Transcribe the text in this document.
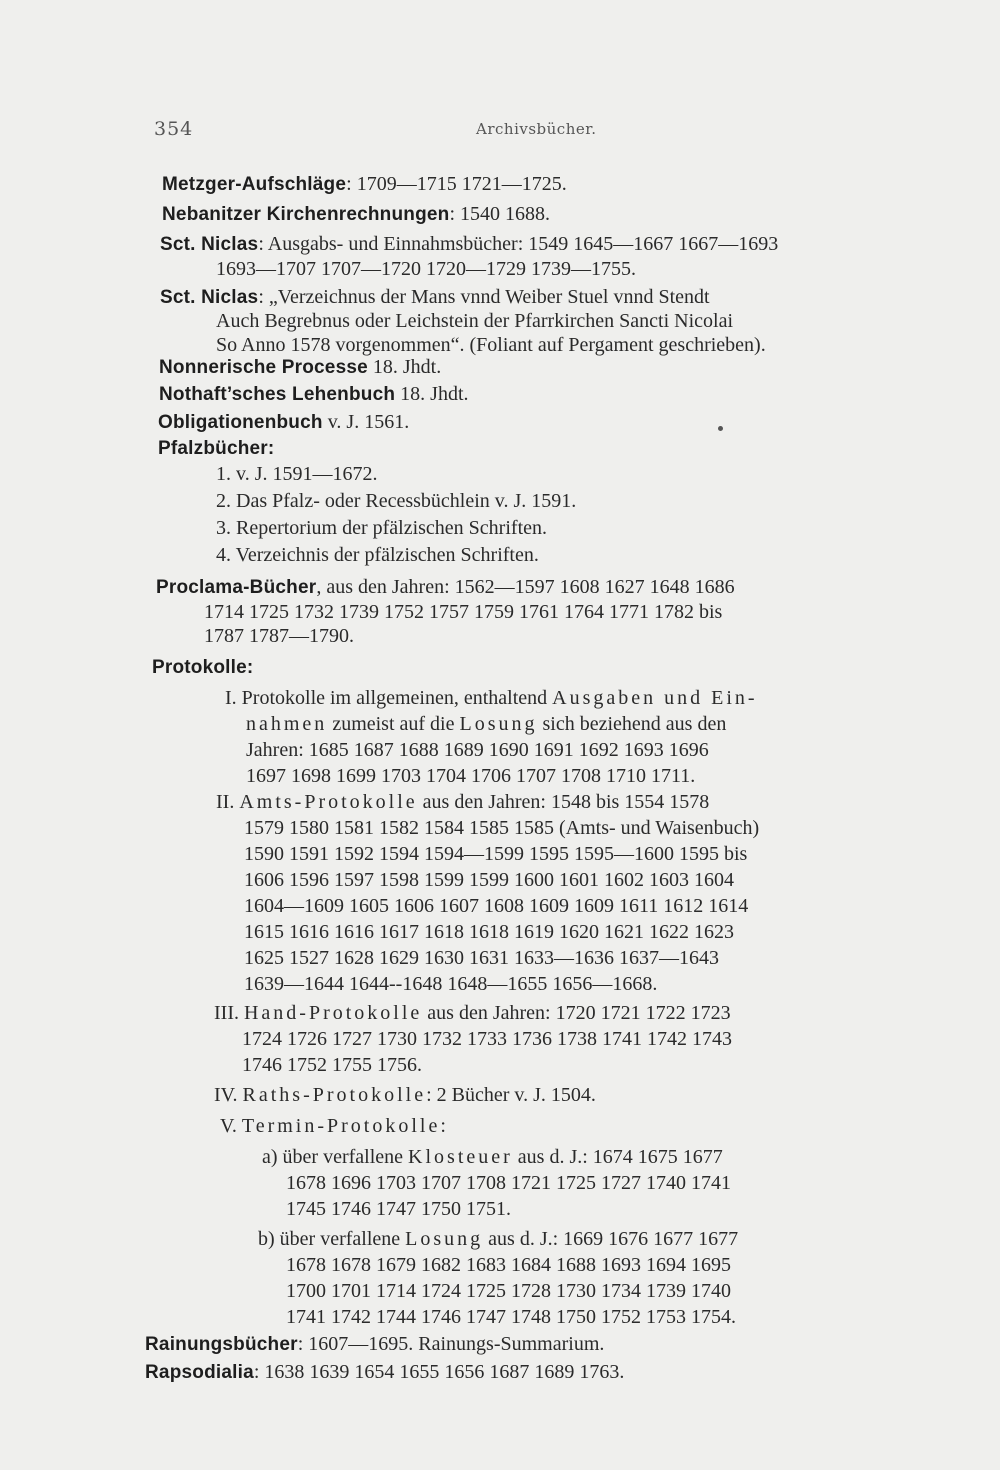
354	Archivsbücher.
Metzger-Aufschläge: 1709—1715 1721—1725.
Nebanitzer Kirchenrechnungen: 1540 1688.
Sct. Niclas: Ausgabs- und Einnahmsbücher: 1549 1645—1667 1667—1693
1693—1707 1707—1720 1720—1729 1739—1755.
Sct. Niclas: „Verzeichnus der Mans vnnd Weiber Stuel vnnd Stendt
Auch Begrebnus oder Leichstein der Pfarrkirchen Sancti Nicolai
So Anno 1578 vorgenommen“. (Foliant auf Pergament geschrieben).
Nonnerische Processe 18. Jhdt.
Nothaft’sches Lehenbuch 18. Jhdt.
Obligationenbuch v. J. 1561.
Pfalzbücher:
1. v. J. 1591—1672.
2. Das Pfalz- oder Recessbüchlein v. J. 1591.
3. Repertorium der pfälzischen Schriften.
4. Verzeichnis der pfälzischen Schriften.
Proclama-Bücher, aus den Jahren: 1562—1597 1608 1627 1648 1686
1714 1725 1732 1739 1752 1757 1759 1761 1764 1771 1782 bis
1787 1787—1790.
Protokolle:
I. Protokolle im allgemeinen, enthaltend Ausgaben und Ein-
nahmen zumeist auf die Losung sich beziehend aus den
Jahren: 1685 1687 1688 1689 1690 1691 1692 1693 1696
1697 1698 1699 1703 1704 1706 1707 1708 1710 1711.
II. Amts-Protokolle aus den Jahren: 1548 bis 1554 1578
1579 1580 1581 1582 1584 1585 1585 (Amts- und Waisenbuch)
1590 1591 1592 1594 1594—1599 1595 1595—1600 1595 bis
1606 1596 1597 1598 1599 1599 1600 1601 1602 1603 1604
1604—1609 1605 1606 1607 1608 1609 1609 1611 1612 1614
1615 1616 1616 1617 1618 1618 1619 1620 1621 1622 1623
1625 1527 1628 1629 1630 1631 1633—1636 1637—1643
1639—1644 1644--1648 1648—1655 1656—1668.
III. Hand-Protokolle aus den Jahren: 1720 1721 1722 1723
1724 1726 1727 1730 1732 1733 1736 1738 1741 1742 1743
1746 1752 1755 1756.
IV. Raths-Protokolle: 2 Bücher v. J. 1504.
V. Termin-Protokolle:
a) über verfallene Klosteuer aus d. J.: 1674 1675 1677
1678 1696 1703 1707 1708 1721 1725 1727 1740 1741
1745 1746 1747 1750 1751.
b) über verfallene Losung aus d. J.: 1669 1676 1677 1677
1678 1678 1679 1682 1683 1684 1688 1693 1694 1695
1700 1701 1714 1724 1725 1728 1730 1734 1739 1740
1741 1742 1744 1746 1747 1748 1750 1752 1753 1754.
Rainungsbücher: 1607—1695. Rainungs-Summarium.
Rapsodialia: 1638 1639 1654 1655 1656 1687 1689 1763.
